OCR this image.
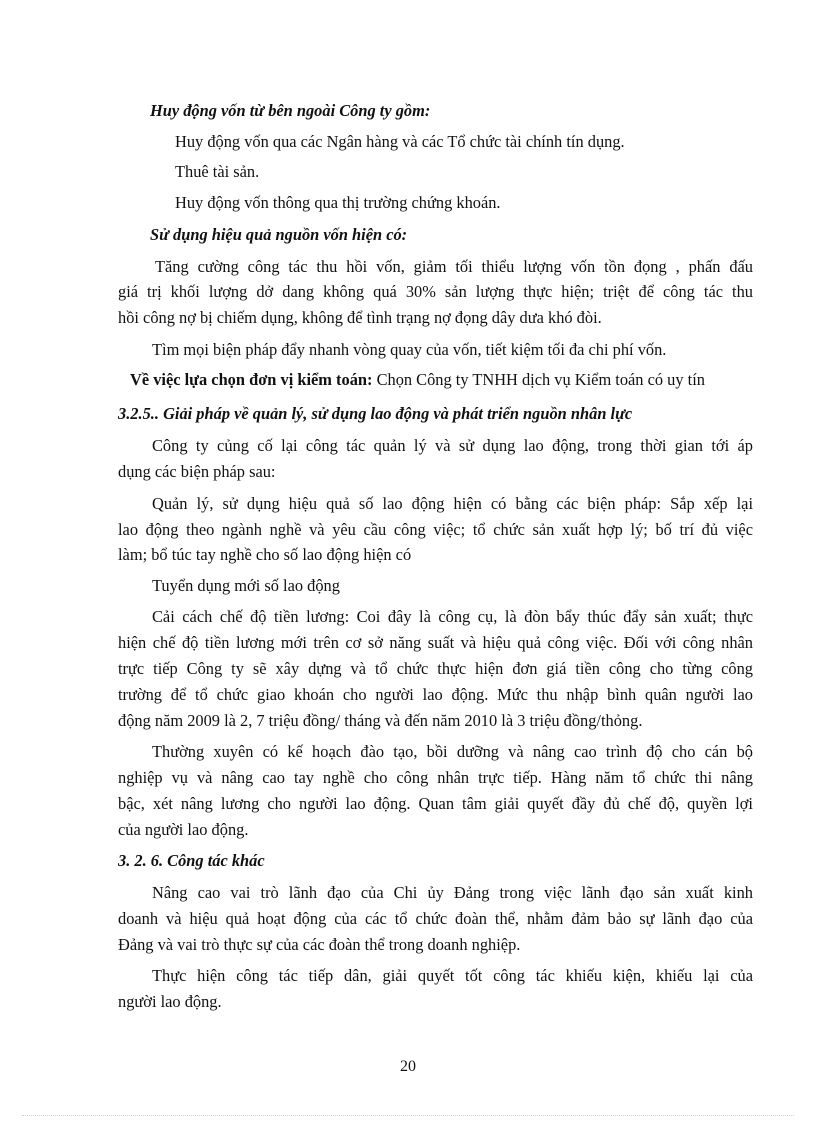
Huy động vốn từ bên ngoài Công ty gồm:
Huy động vốn qua các Ngân hàng và các Tổ chức tài chính tín dụng.
Thuê tài sản.
Huy động vốn thông qua thị trường chứng khoán.
Sử dụng hiệu quả nguồn vốn hiện có:
Tăng cường công tác thu hồi vốn, giảm tối thiểu lượng vốn tồn đọng , phấn đấu
giá trị khối lượng dở dang không quá 30% sản lượng thực hiện; triệt để công tác thu
hồi công nợ bị chiếm dụng, không để tình trạng nợ đọng dây dưa khó đòi.
Tìm mọi biện pháp đẩy nhanh vòng quay của vốn, tiết kiệm tối đa chi phí vốn.
Về việc lựa chọn đơn vị kiểm toán: Chọn Công ty TNHH dịch vụ Kiểm toán có uy tín
3.2.5.. Giải pháp về quản lý, sử dụng lao động và phát triển nguồn nhân lực
Công ty củng cố lại công tác quản lý và sử dụng lao động, trong thời gian tới áp
dụng các biện pháp sau:
Quản lý, sử dụng hiệu quả số lao động hiện có bằng các biện pháp: Sắp xếp lại
lao động theo ngành nghề và yêu cầu công việc; tổ chức sản xuất hợp lý; bố trí đủ việc
làm; bổ túc tay nghề cho số lao động hiện có
Tuyển dụng mới số lao động
Cải cách chế độ tiền lương: Coi đây là công cụ, là đòn bẩy thúc đẩy sản xuất; thực
hiện chế độ tiền lương mới trên cơ sở năng suất và hiệu quả công việc. Đối với công nhân
trực tiếp Công ty sẽ xây dựng và tổ chức thực hiện đơn giá tiền công cho từng công
trường để tổ chức giao khoán cho người lao động. Mức thu nhập bình quân người lao
động năm 2009 là 2, 7 triệu đồng/ tháng và đến năm 2010 là 3 triệu đồng/thỏng.
Thường xuyên có kế hoạch đào tạo, bồi dưỡng và nâng cao trình độ cho cán bộ
nghiệp vụ và nâng cao tay nghề cho công nhân trực tiếp. Hàng năm tổ chức thi nâng
bậc, xét nâng lương cho người lao động. Quan tâm giải quyết đầy đủ chế độ, quyền lợi
của người lao động.
3. 2. 6. Công tác khác
Nâng cao vai trò lãnh đạo của Chi ủy Đảng trong việc lãnh đạo sản xuất kinh
doanh và hiệu quả hoạt động của các tổ chức đoàn thể, nhằm đảm bảo sự lãnh đạo của
Đảng và vai trò thực sự của các đoàn thể trong doanh nghiệp.
Thực hiện công tác tiếp dân, giải quyết tốt công tác khiếu kiện, khiếu lại của
người lao động.
20
